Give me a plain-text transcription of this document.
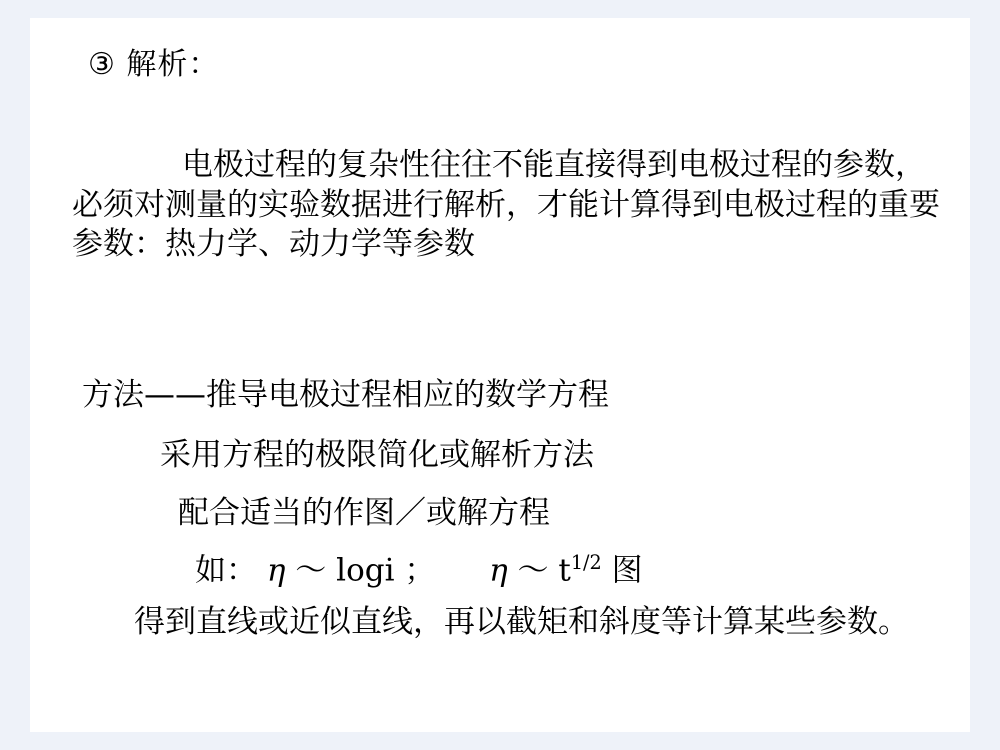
③ 解析：
电极过程的复杂性往往不能直接得到电极过程的参数，必须对测量的实验数据进行解析，才能计算得到电极过程的重要参数：热力学、动力学等参数
方法——推导电极过程相应的数学方程
采用方程的极限简化或解析方法
配合适当的作图／或解方程
如： η ～ logi ； η ～ $t^{1/2}$ 图
得到直线或近似直线，再以截矩和斜度等计算某些参数。
